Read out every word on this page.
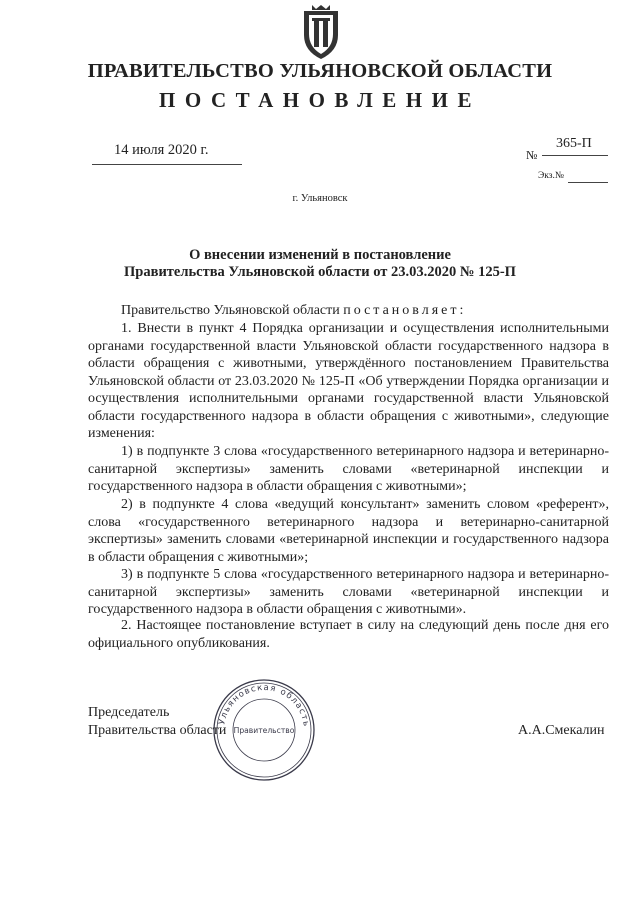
ПРАВИТЕЛЬСТВО УЛЬЯНОВСКОЙ ОБЛАСТИ
ПОСТАНОВЛЕНИЕ
14 июля 2020 г.	№
365-П
Экз.№
г. Ульяновск
О внесении изменений в постановление
Правительства Ульяновской области от 23.03.2020 № 125-П
Правительство Ульяновской области постановляет:
1. Внести в пункт 4 Порядка организации и осуществления исполнительными органами государственной власти Ульяновской области государственного надзора в области обращения с животными, утверждённого постановлением Правительства Ульяновской области от 23.03.2020 № 125-П «Об утверждении Порядка организации и осуществления исполнительными органами государственной власти Ульяновской области государственного надзора в области обращения с животными», следующие изменения:
1) в подпункте 3 слова «государственного ветеринарного надзора и ветеринарно-санитарной экспертизы» заменить словами «ветеринарной инспекции и государственного надзора в области обращения с животными»;
2) в подпункте 4 слова «ведущий консультант» заменить словом «референт», слова «государственного ветеринарного надзора и ветеринарно-санитарной экспертизы» заменить словами «ветеринарной инспекции и государственного надзора в области обращения с животными»;
3) в подпункте 5 слова «государственного ветеринарного надзора и ветеринарно-санитарной экспертизы» заменить словами «ветеринарной инспекции и государственного надзора в области обращения с животными».
2. Настоящее постановление вступает в силу на следующий день после дня его официального опубликования.
Председатель
Правительства области	А.А.Смекалин
Ульяновская область
Правительство
